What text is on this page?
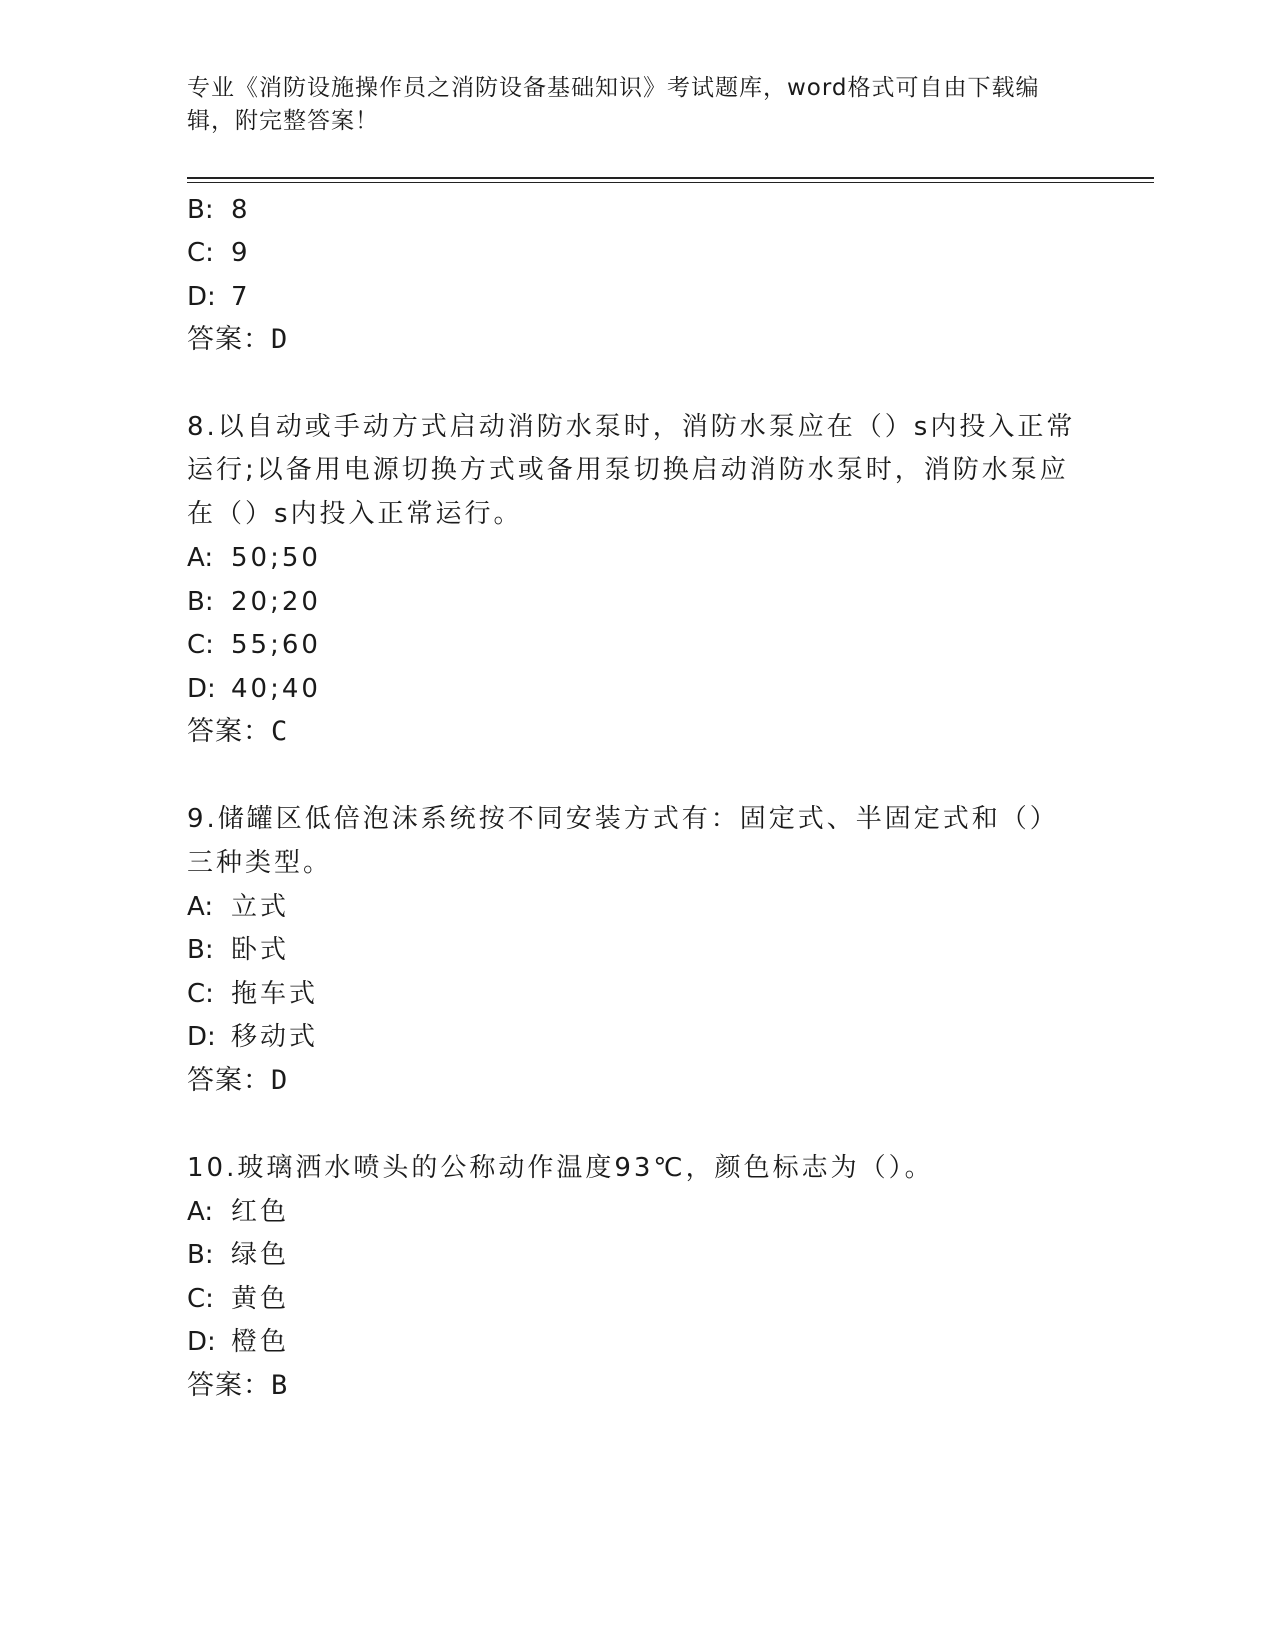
专业《消防设施操作员之消防设备基础知识》考试题库，word格式可自由下载编
辑，附完整答案！
B: 8
C: 9
D: 7
答案：D
8.以自动或手动方式启动消防水泵时，消防水泵应在（）s内投入正常
运行;以备用电源切换方式或备用泵切换启动消防水泵时，消防水泵应
在（）s内投入正常运行。
A: 50;50
B: 20;20
C: 55;60
D: 40;40
答案：C
9.储罐区低倍泡沫系统按不同安装方式有：固定式、半固定式和（）
三种类型。
A: 立式
B: 卧式
C: 拖车式
D: 移动式
答案：D
10.玻璃洒水喷头的公称动作温度93℃，颜色标志为（）。
A: 红色
B: 绿色
C: 黄色
D: 橙色
答案：B
